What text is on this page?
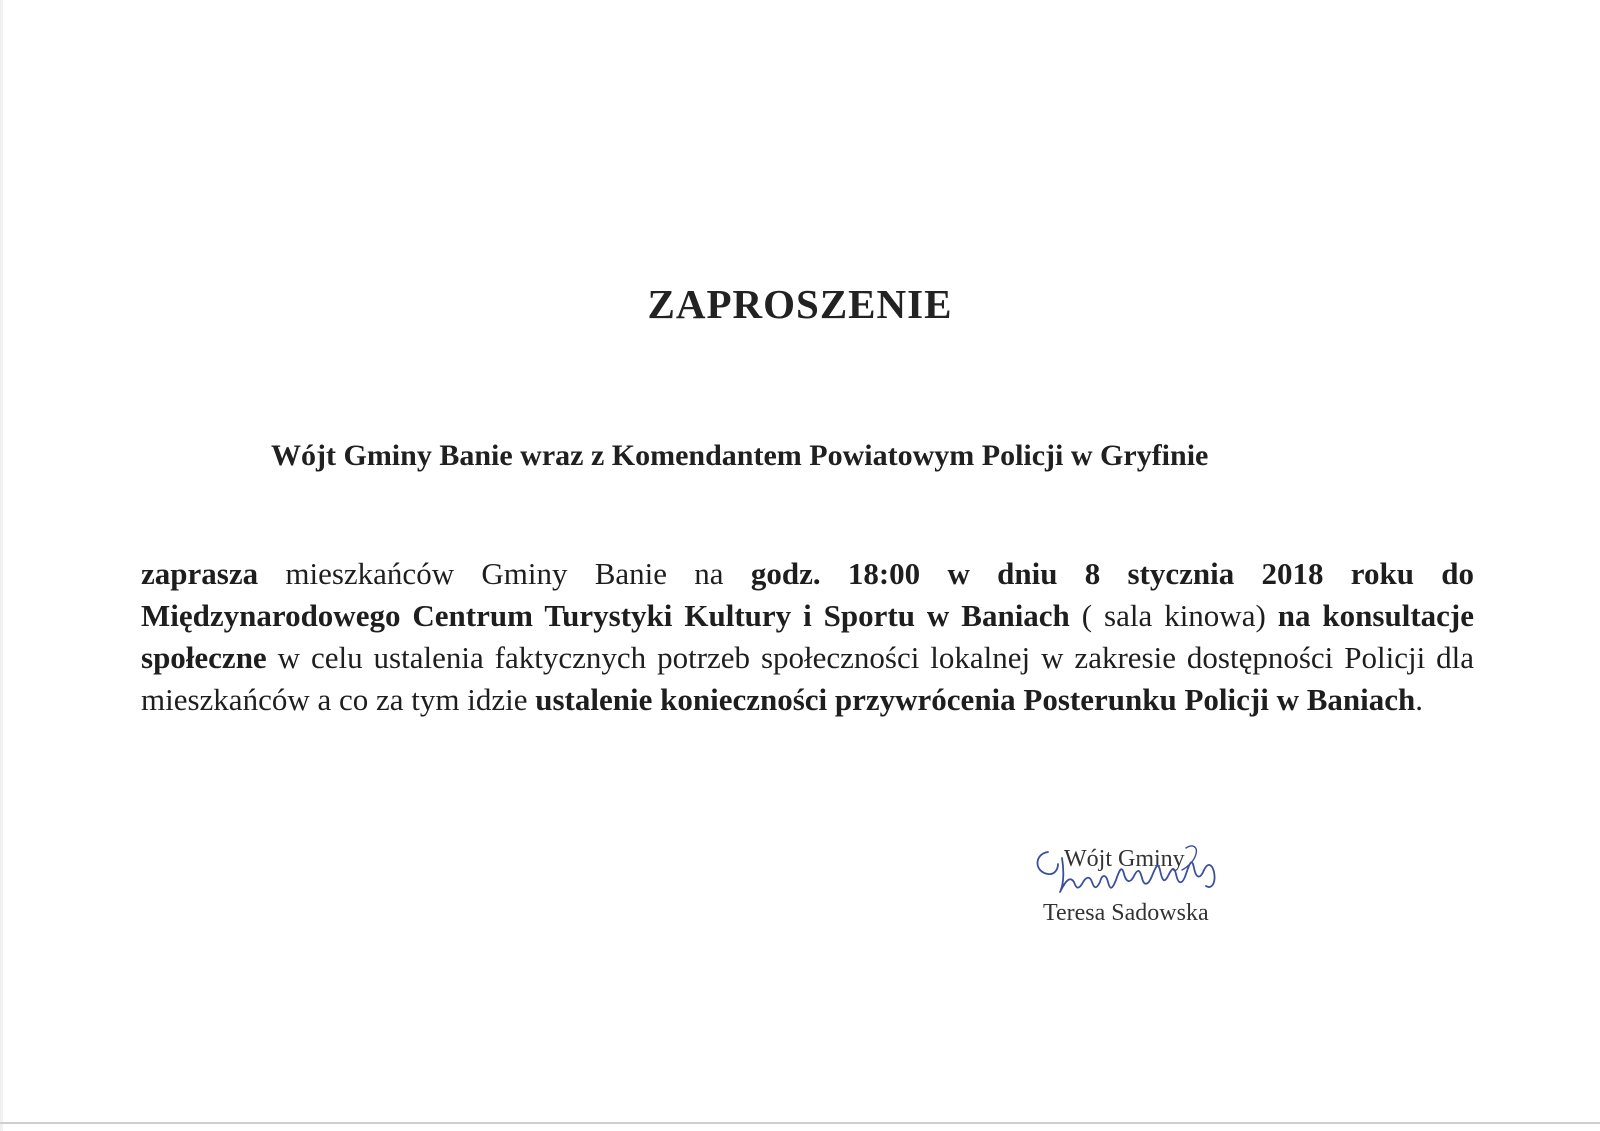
ZAPROSZENIE
Wójt Gminy Banie wraz z Komendantem Powiatowym Policji w Gryfinie
zaprasza mieszkańców Gminy Banie na godz. 18:00 w dniu 8 stycznia 2018 roku do Międzynarodowego Centrum Turystyki Kultury i Sportu w Baniach ( sala kinowa) na konsultacje społeczne w celu ustalenia faktycznych potrzeb społeczności lokalnej w zakresie dostępności Policji dla mieszkańców a co za tym idzie ustalenie konieczności przywrócenia Posterunku Policji w Baniach.
Wójt Gminy
Teresa Sadowska
